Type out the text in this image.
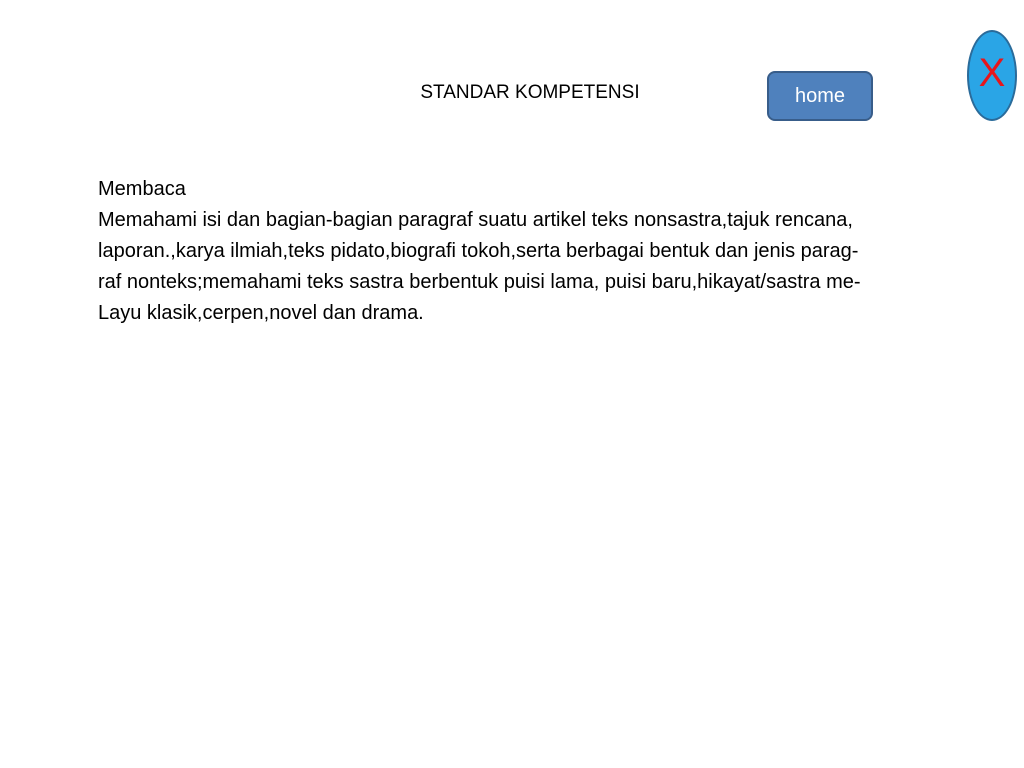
STANDAR KOMPETENSI	home
X
Membaca
Memahami isi dan bagian-bagian paragraf suatu artikel teks nonsastra,tajuk rencana,
laporan.,karya ilmiah,teks pidato,biografi tokoh,serta berbagai bentuk dan jenis parag-
raf nonteks;memahami teks sastra berbentuk puisi lama, puisi baru,hikayat/sastra me-
Layu klasik,cerpen,novel dan drama.
